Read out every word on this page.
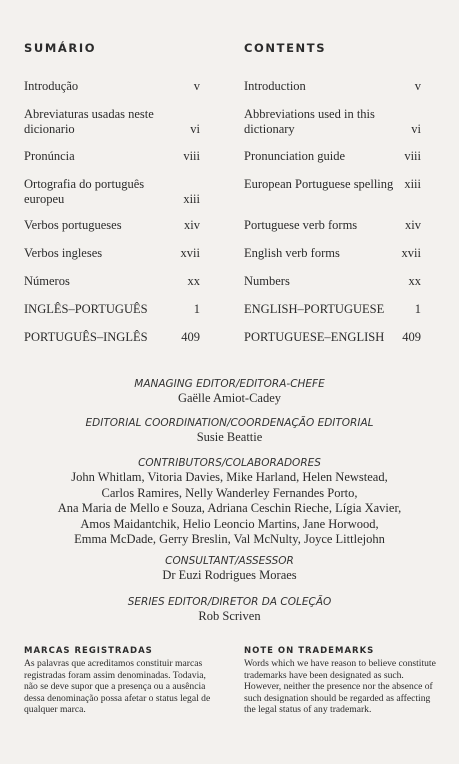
SUMÁRIO
Introdução	v
Abreviaturas usadas neste dicionario	vi
Pronúncia	viii
Ortografia do português europeu	xiii
Verbos portugueses	xiv
Verbos ingleses	xvii
Números	xx
INGLÊS–PORTUGUÊS	1
PORTUGUÊS–INGLÊS	409
CONTENTS
Introduction	v
Abbreviations used in this dictionary	vi
Pronunciation guide	viii
European Portuguese spelling xiii
Portuguese verb forms	xiv
English verb forms	xvii
Numbers	xx
ENGLISH–PORTUGUESE 1
PORTUGUESE–ENGLISH 409
MANAGING EDITOR/EDITORA-CHEFE
Gaëlle Amiot-Cadey
EDITORIAL COORDINATION/COORDENAÇÃO EDITORIAL
Susie Beattie
CONTRIBUTORS/COLABORADORES
John Whitlam, Vitoria Davies, Mike Harland, Helen Newstead,
Carlos Ramires, Nelly Wanderley Fernandes Porto,
Ana Maria de Mello e Souza, Adriana Ceschin Rieche, Lígia Xavier,
Amos Maidantchik, Helio Leoncio Martins, Jane Horwood,
Emma McDade, Gerry Breslin, Val McNulty, Joyce Littlejohn
CONSULTANT/ASSESSOR
Dr Euzi Rodrigues Moraes
SERIES EDITOR/DIRETOR DA COLEÇÃO
Rob Scriven
MARCAS REGISTRADAS
As palavras que acreditamos constituir marcas registradas foram assim denominadas. Todavia, não se deve supor que a presença ou a ausência dessa denominação possa afetar o status legal de qualquer marca.
NOTE ON TRADEMARKS
Words which we have reason to believe constitute trademarks have been designated as such. However, neither the presence nor the absence of such designation should be regarded as affecting the legal status of any trademark.
